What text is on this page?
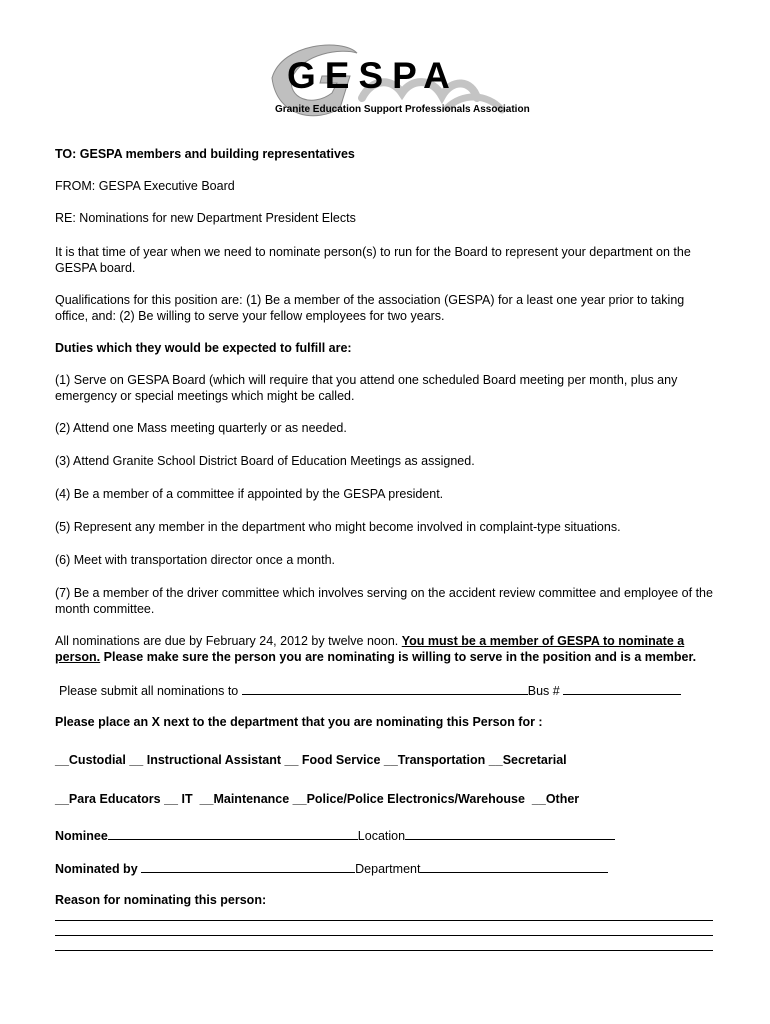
GESPA
Granite Education Support Professionals Association
TO: GESPA members and building representatives
FROM: GESPA Executive Board
RE: Nominations for new Department President Elects
It is that time of year when we need to nominate person(s) to run for the Board to represent your department on the GESPA board.
Qualifications for this position are: (1) Be a member of the association (GESPA) for a least one year prior to taking office, and: (2) Be willing to serve your fellow employees for two years.
Duties which they would be expected to fulfill are:
(1) Serve on GESPA Board (which will require that you attend one scheduled Board meeting per month, plus any emergency or special meetings which might be called.
(2) Attend one Mass meeting quarterly or as needed.
(3) Attend Granite School District Board of Education Meetings as assigned.
(4) Be a member of a committee if appointed by the GESPA president.
(5) Represent any member in the department who might become involved in complaint-type situations.
(6) Meet with transportation director once a month.
(7) Be a member of the driver committee which involves serving on the accident review committee and employee of the month committee.
All nominations are due by February 24, 2012 by twelve noon. You must be a member of GESPA to nominate a person. Please make sure the person you are nominating is willing to serve in the position and is a member.
Please submit all nominations to	Bus #
Please place an X next to the department that you are nominating this Person for :
__Custodial __ Instructional Assistant __ Food Service __Transportation __Secretarial
__Para Educators __ IT __Maintenance __Police/Police Electronics/Warehouse __Other
Nominee	Location
Nominated by	Department
Reason for nominating this person:
